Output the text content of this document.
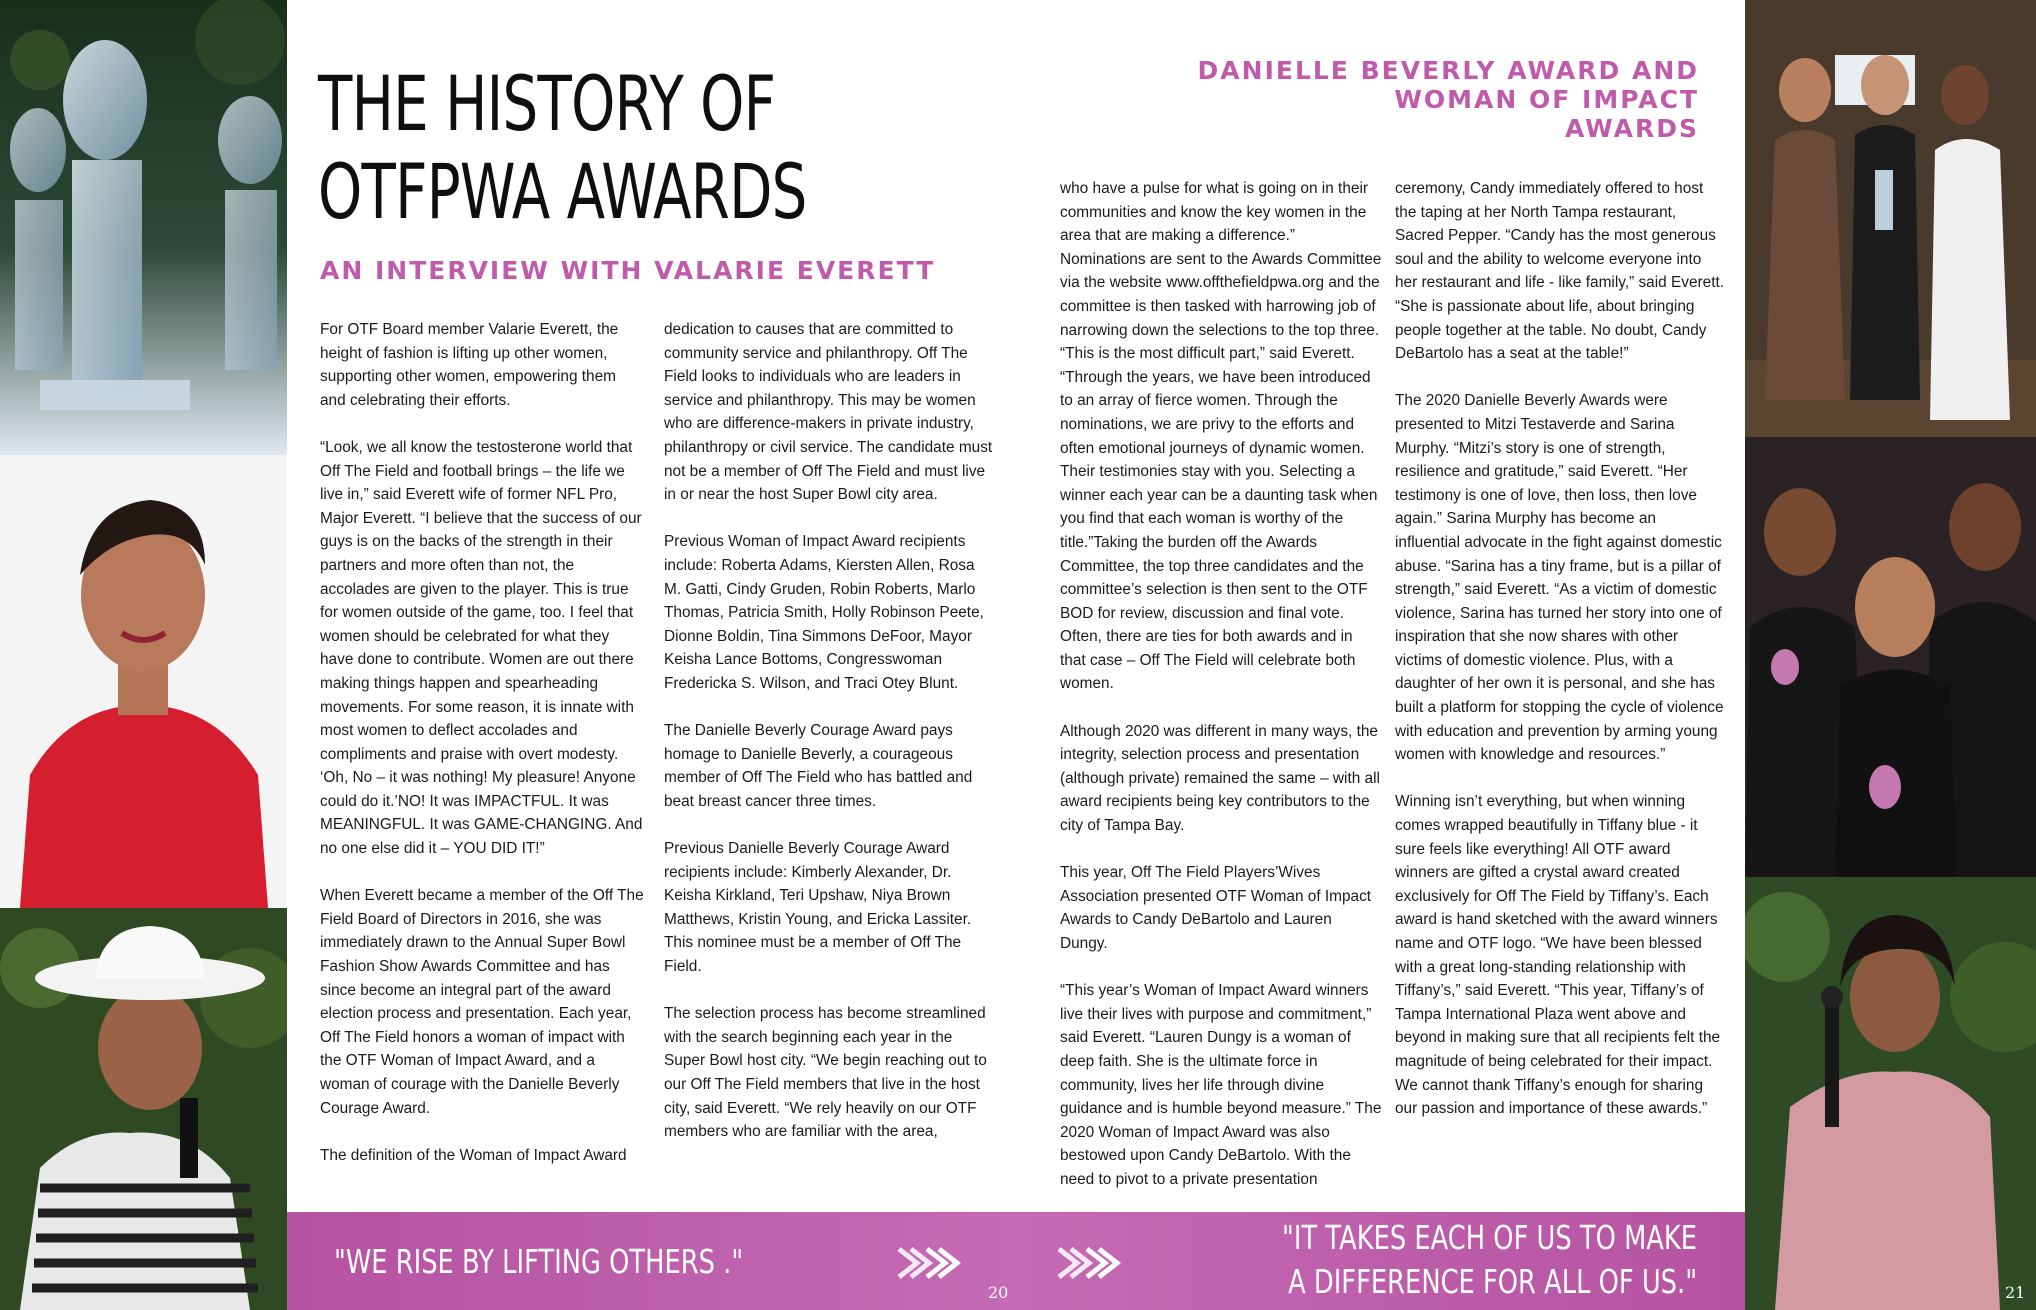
THE HISTORY OF
OTFPWA AWARDS
AN INTERVIEW WITH VALARIE EVERETT

For OTF Board member Valarie Everett, the height of fashion is lifting up other women, supporting other women, empowering them and celebrating their efforts.

“Look, we all know the testosterone world that Off The Field and football brings – the life we live in,” said Everett wife of former NFL Pro, Major Everett. “I believe that the success of our guys is on the backs of the strength in their partners and more often than not, the accolades are given to the player. This is true for women outside of the game, too. I feel that women should be celebrated for what they have done to contribute. Women are out there making things happen and spearheading movements. For some reason, it is innate with most women to deflect accolades and compliments and praise with overt modesty. ‘Oh, No – it was nothing! My pleasure! Anyone could do it.’NO! It was IMPACTFUL. It was MEANINGFUL. It was GAME-CHANGING. And no one else did it – YOU DID IT!”

When Everett became a member of the Off The Field Board of Directors in 2016, she was immediately drawn to the Annual Super Bowl Fashion Show Awards Committee and has since become an integral part of the award election process and presentation. Each year, Off The Field honors a woman of impact with the OTF Woman of Impact Award, and a woman of courage with the Danielle Beverly Courage Award.

The definition of the Woman of Impact Award

dedication to causes that are committed to community service and philanthropy. Off The Field looks to individuals who are leaders in service and philanthropy. This may be women who are difference-makers in private industry, philanthropy or civil service. The candidate must not be a member of Off The Field and must live in or near the host Super Bowl city area.

Previous Woman of Impact Award recipients include: Roberta Adams, Kiersten Allen, Rosa M. Gatti, Cindy Gruden, Robin Roberts, Marlo Thomas, Patricia Smith, Holly Robinson Peete, Dionne Boldin, Tina Simmons DeFoor, Mayor Keisha Lance Bottoms, Congresswoman Fredericka S. Wilson, and Traci Otey Blunt.

The Danielle Beverly Courage Award pays homage to Danielle Beverly, a courageous member of Off The Field who has battled and beat breast cancer three times.

Previous Danielle Beverly Courage Award recipients include: Kimberly Alexander, Dr. Keisha Kirkland, Teri Upshaw, Niya Brown Matthews, Kristin Young, and Ericka Lassiter. This nominee must be a member of Off The Field.

The selection process has become streamlined with the search beginning each year in the Super Bowl host city. “We begin reaching out to our Off The Field members that live in the host city, said Everett. “We rely heavily on our OTF members who are familiar with the area,

DANIELLE BEVERLY AWARD AND
WOMAN OF IMPACT
AWARDS

who have a pulse for what is going on in their communities and know the key women in the area that are making a difference.” Nominations are sent to the Awards Committee via the website www.offthefieldpwa.org and the committee is then tasked with harrowing job of narrowing down the selections to the top three. “This is the most difficult part,” said Everett. “Through the years, we have been introduced to an array of fierce women. Through the nominations, we are privy to the efforts and often emotional journeys of dynamic women. Their testimonies stay with you. Selecting a winner each year can be a daunting task when you find that each woman is worthy of the title.”Taking the burden off the Awards Committee, the top three candidates and the committee’s selection is then sent to the OTF BOD for review, discussion and final vote. Often, there are ties for both awards and in that case – Off The Field will celebrate both women.

Although 2020 was different in many ways, the integrity, selection process and presentation (although private) remained the same – with all award recipients being key contributors to the city of Tampa Bay.

This year, Off The Field Players’Wives Association presented OTF Woman of Impact Awards to Candy DeBartolo and Lauren Dungy.

“This year’s Woman of Impact Award winners live their lives with purpose and commitment,” said Everett. “Lauren Dungy is a woman of deep faith. She is the ultimate force in community, lives her life through divine guidance and is humble beyond measure.” The 2020 Woman of Impact Award was also bestowed upon Candy DeBartolo. With the need to pivot to a private presentation

ceremony, Candy immediately offered to host the taping at her North Tampa restaurant, Sacred Pepper. “Candy has the most generous soul and the ability to welcome everyone into her restaurant and life - like family,” said Everett. “She is passionate about life, about bringing people together at the table. No doubt, Candy DeBartolo has a seat at the table!”

The 2020 Danielle Beverly Awards were presented to Mitzi Testaverde and Sarina Murphy. “Mitzi’s story is one of strength, resilience and gratitude,” said Everett. “Her testimony is one of love, then loss, then love again.” Sarina Murphy has become an influential advocate in the fight against domestic abuse. “Sarina has a tiny frame, but is a pillar of strength,” said Everett. “As a victim of domestic violence, Sarina has turned her story into one of inspiration that she now shares with other victims of domestic violence. Plus, with a daughter of her own it is personal, and she has built a platform for stopping the cycle of violence with education and prevention by arming young women with knowledge and resources.”

Winning isn’t everything, but when winning comes wrapped beautifully in Tiffany blue - it sure feels like everything! All OTF award winners are gifted a crystal award created exclusively for Off The Field by Tiffany’s. Each award is hand sketched with the award winners name and OTF logo. “We have been blessed with a great long-standing relationship with Tiffany’s,” said Everett. “This year, Tiffany’s of Tampa International Plaza went above and beyond in making sure that all recipients felt the magnitude of being celebrated for their impact. We cannot thank Tiffany’s enough for sharing our passion and importance of these awards.”

"WE RISE BY LIFTING OTHERS ."
20
"IT TAKES EACH OF US TO MAKE
A DIFFERENCE FOR ALL OF US."	21
